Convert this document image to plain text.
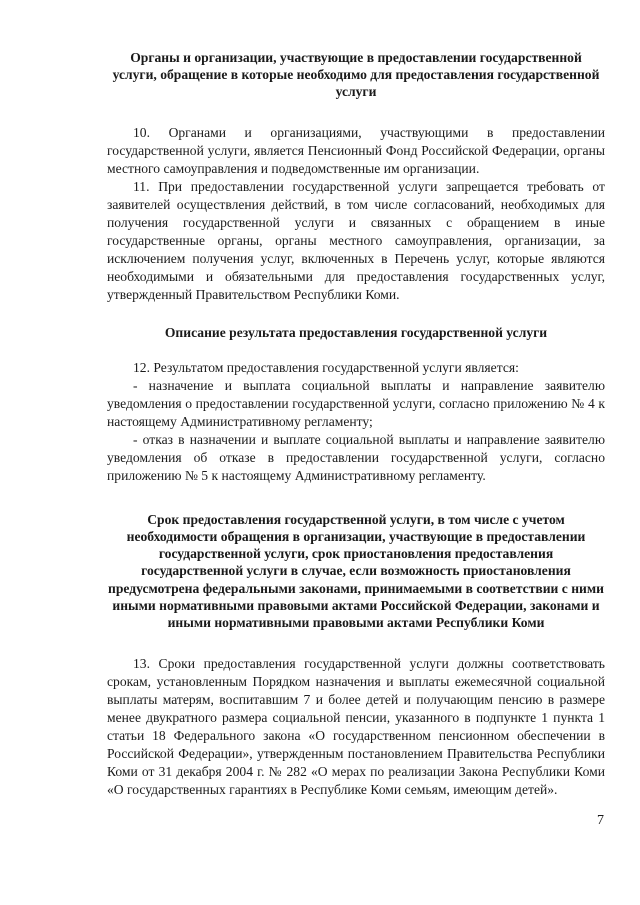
Органы и организации, участвующие в предоставлении государственной услуги, обращение в которые необходимо для предоставления государственной услуги

10. Органами и организациями, участвующими в предоставлении государственной услуги, является Пенсионный Фонд Российской Федерации, органы местного самоуправления и подведомственные им организации.

11. При предоставлении государственной услуги запрещается требовать от заявителей осуществления действий, в том числе согласований, необходимых для получения государственной услуги и связанных с обращением в иные государственные органы, органы местного самоуправления, организации, за исключением получения услуг, включенных в Перечень услуг, которые являются необходимыми и обязательными для предоставления государственных услуг, утвержденный Правительством Республики Коми.

Описание результата предоставления государственной услуги

12. Результатом предоставления государственной услуги является:

- назначение и выплата социальной выплаты и направление заявителю уведомления о предоставлении государственной услуги, согласно приложению № 4 к настоящему Административному регламенту;

- отказ в назначении и выплате социальной выплаты и направление заявителю уведомления об отказе в предоставлении государственной услуги, согласно приложению № 5 к настоящему Административному регламенту.

Срок предоставления государственной услуги, в том числе с учетом необходимости обращения в организации, участвующие в предоставлении государственной услуги, срок приостановления предоставления государственной услуги в случае, если возможность приостановления предусмотрена федеральными законами, принимаемыми в соответствии с ними иными нормативными правовыми актами Российской Федерации, законами и иными нормативными правовыми актами Республики Коми

13. Сроки предоставления государственной услуги должны соответствовать срокам, установленным Порядком назначения и выплаты ежемесячной социальной выплаты матерям, воспитавшим 7 и более детей и получающим пенсию в размере менее двукратного размера социальной пенсии, указанного в подпункте 1 пункта 1 статьи 18 Федерального закона «О государственном пенсионном обеспечении в Российской Федерации», утвержденным постановлением Правительства Республики Коми от 31 декабря 2004 г. № 282 «О мерах по реализации Закона Республики Коми «О государственных гарантиях в Республике Коми семьям, имеющим детей».

7
